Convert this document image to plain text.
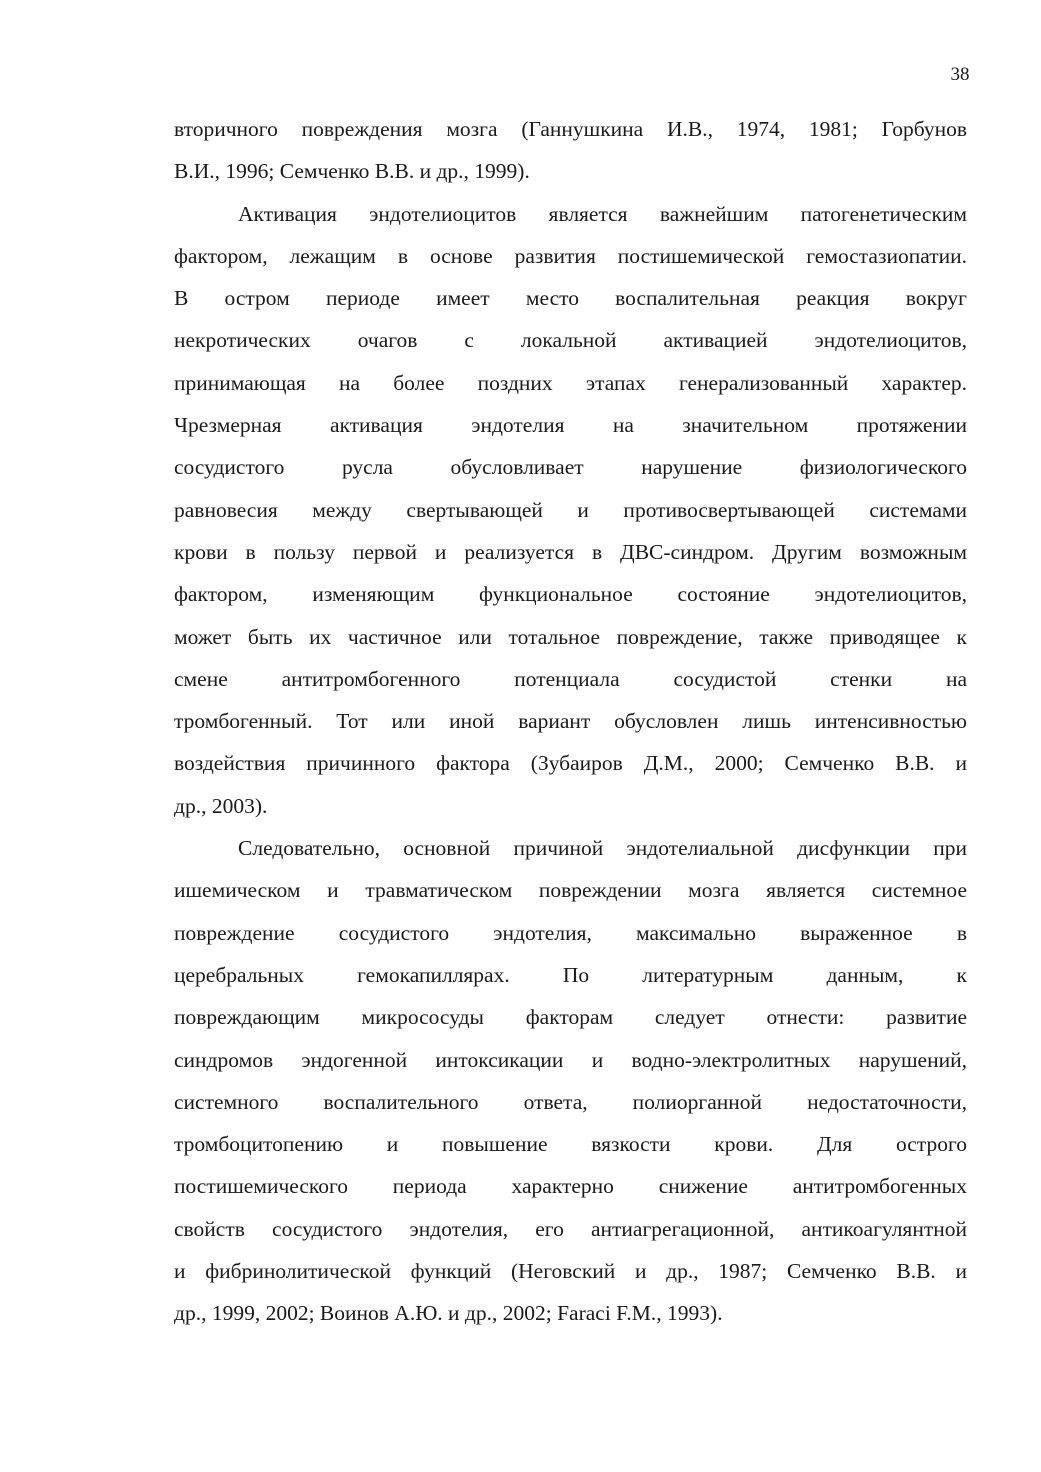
38
вторичного повреждения мозга (Ганнушкина И.В., 1974, 1981; Горбунов
В.И., 1996; Семченко В.В. и др., 1999).
Активация эндотелиоцитов является важнейшим патогенетическим
фактором, лежащим в основе развития постишемической гемостазиопатии.
В остром периоде имеет место воспалительная реакция вокруг
некротических очагов с локальной активацией эндотелиоцитов,
принимающая на более поздних этапах генерализованный характер.
Чрезмерная активация эндотелия на значительном протяжении
сосудистого русла обусловливает нарушение физиологического
равновесия между свертывающей и противосвертывающей системами
крови в пользу первой и реализуется в ДВС-синдром. Другим возможным
фактором, изменяющим функциональное состояние эндотелиоцитов,
может быть их частичное или тотальное повреждение, также приводящее к
смене антитромбогенного потенциала сосудистой стенки на
тромбогенный. Тот или иной вариант обусловлен лишь интенсивностью
воздействия причинного фактора (Зубаиров Д.М., 2000; Семченко В.В. и
др., 2003).
Следовательно, основной причиной эндотелиальной дисфункции при
ишемическом и травматическом повреждении мозга является системное
повреждение сосудистого эндотелия, максимально выраженное в
церебральных гемокапиллярах. По литературным данным, к
повреждающим микрососуды факторам следует отнести: развитие
синдромов эндогенной интоксикации и водно-электролитных нарушений,
системного воспалительного ответа, полиорганной недостаточности,
тромбоцитопению и повышение вязкости крови. Для острого
постишемического периода характерно снижение антитромбогенных
свойств сосудистого эндотелия, его антиагрегационной, антикоагулянтной
и фибринолитической функций (Неговский и др., 1987; Семченко В.В. и
др., 1999, 2002; Воинов А.Ю. и др., 2002; Faraci F.M., 1993).
